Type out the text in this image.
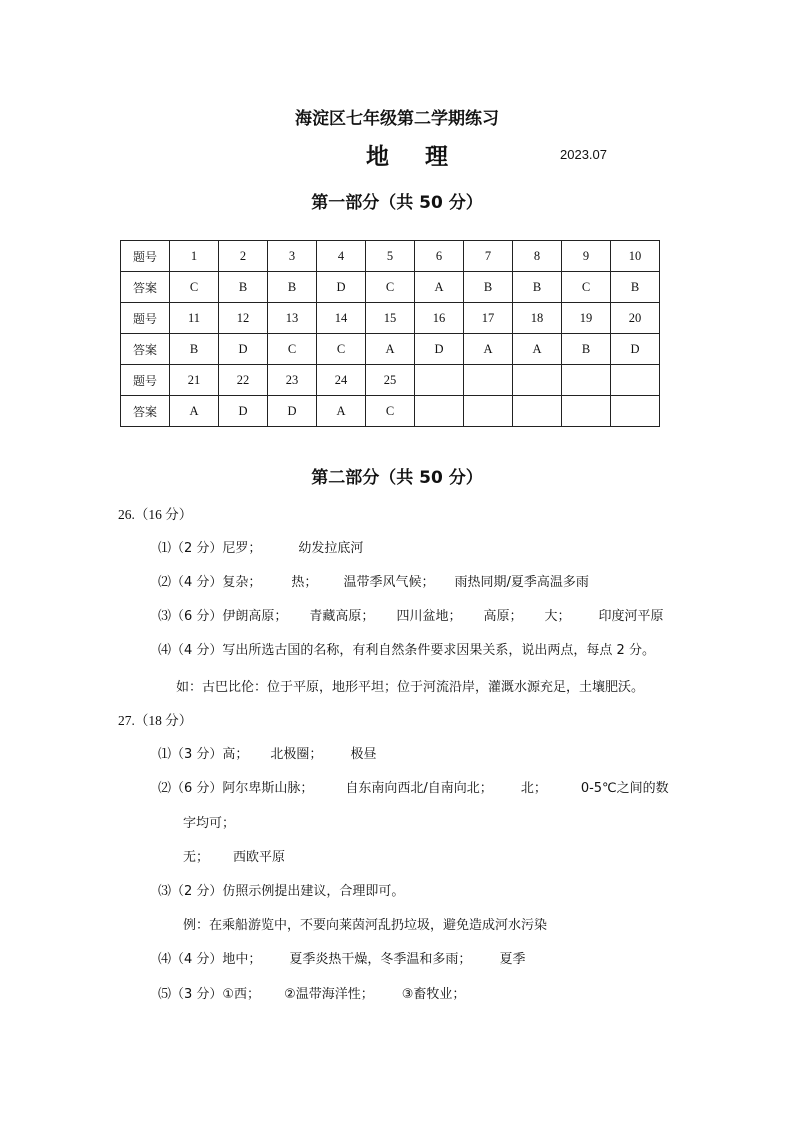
海淀区七年级第二学期练习
地 理	2023.07
第一部分（共 50 分）
题号	1	2	3	4	5	6	7	8	9	10
答案	C	B	B	D	C	A	B	B	C	B
题号	11	12	13	14	15	16	17	18	19	20
答案	B	D	C	C	A	D	A	A	B	D
题号	21	22	23	24	25					
答案	A	D	D	A	C					
第二部分（共 50 分）
26.（16 分）
⑴（2 分）尼罗；	幼发拉底河
⑵（4 分）复杂； 热； 温带季风气候； 雨热同期/夏季高温多雨
⑶（6 分）伊朗高原； 青藏高原； 四川盆地； 高原； 大； 印度河平原
⑷（4 分）写出所选古国的名称，有利自然条件要求因果关系，说出两点，每点 2 分。
如：古巴比伦：位于平原，地形平坦；位于河流沿岸，灌溉水源充足，土壤肥沃。
27.（18 分）
⑴（3 分）高； 北极圈； 极昼
⑵（6 分）阿尔卑斯山脉； 自东南向西北/自南向北； 北；	0-5℃之间的数
字均可；
无； 西欧平原
⑶（2 分）仿照示例提出建议，合理即可。
例：在乘船游览中，不要向莱茵河乱扔垃圾，避免造成河水污染
⑷（4 分）地中； 夏季炎热干燥，冬季温和多雨； 夏季
⑸（3 分）①西； ②温带海洋性； ③畜牧业；
